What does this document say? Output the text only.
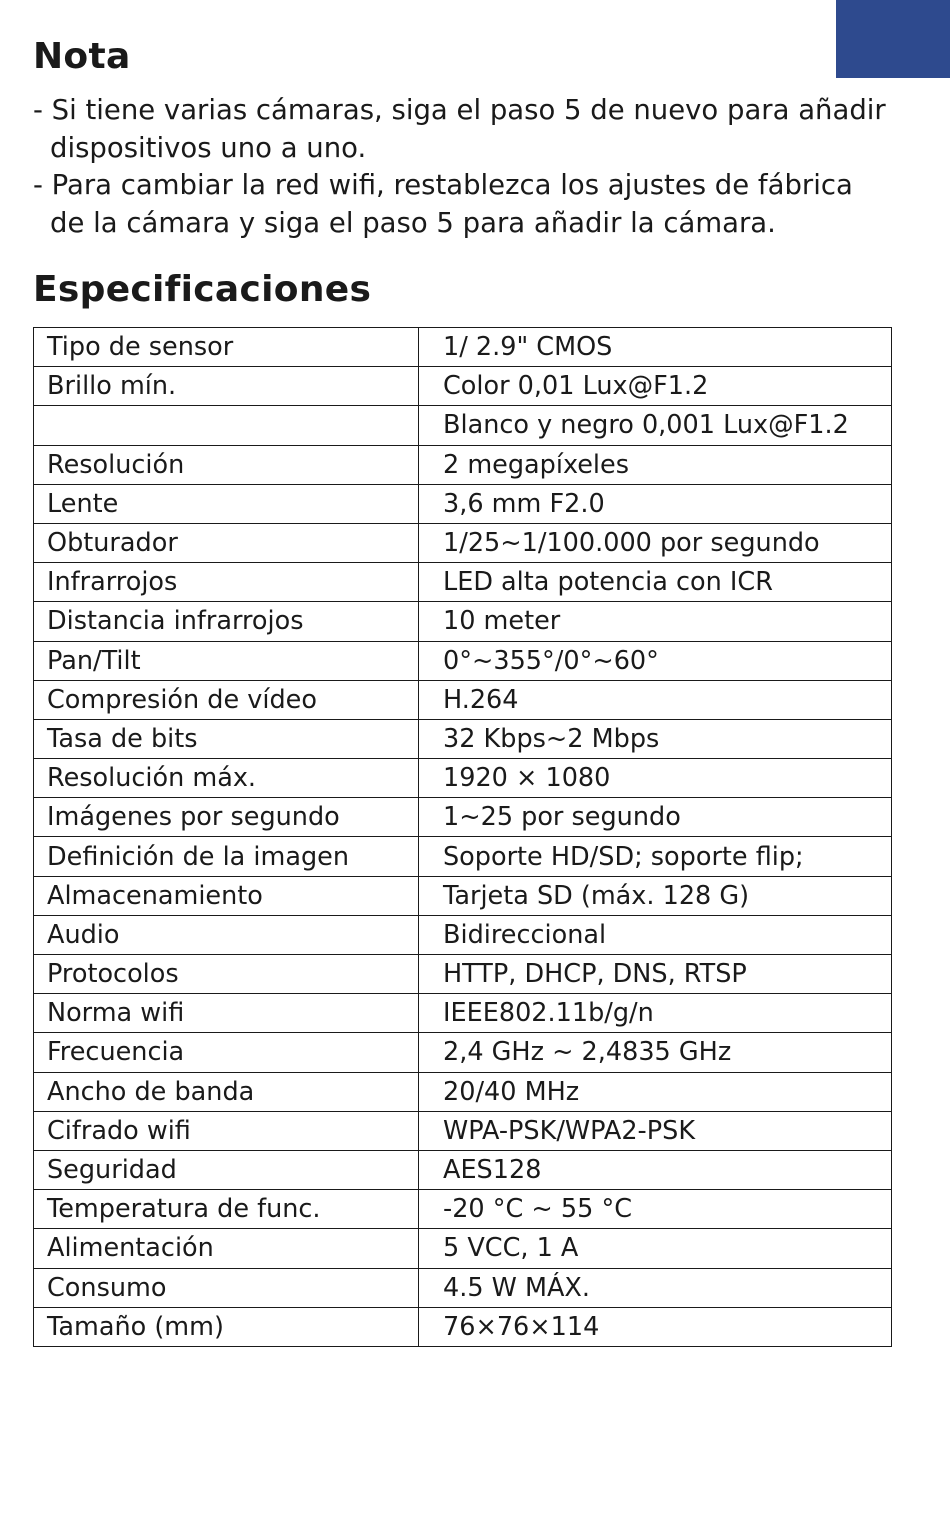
Nota
- Si tiene varias cámaras, siga el paso 5 de nuevo para añadir
dispositivos uno a uno.
- Para cambiar la red wifi, restablezca los ajustes de fábrica
de la cámara y siga el paso 5 para añadir la cámara.
Especificaciones
Tipo de sensor	1/ 2.9" CMOS
Brillo mín.	Color 0,01 Lux@F1.2
	Blanco y negro 0,001 Lux@F1.2
Resolución	2 megapíxeles
Lente	3,6 mm F2.0
Obturador	1/25~1/100.000 por segundo
Infrarrojos	LED alta potencia con ICR
Distancia infrarrojos	10 meter
Pan/Tilt	0°~355°/0°~60°
Compresión de vídeo	H.264
Tasa de bits	32 Kbps~2 Mbps
Resolución máx.	1920 × 1080
Imágenes por segundo	1~25 por segundo
Definición de la imagen	Soporte HD/SD; soporte flip;
Almacenamiento	Tarjeta SD (máx. 128 G)
Audio	Bidireccional
Protocolos	HTTP, DHCP, DNS, RTSP
Norma wifi	IEEE802.11b/g/n
Frecuencia	2,4 GHz ~ 2,4835 GHz
Ancho de banda	20/40 MHz
Cifrado wifi	WPA-PSK/WPA2-PSK
Seguridad	AES128
Temperatura de func.	-20 °C ~ 55 °C
Alimentación	5 VCC, 1 A
Consumo	4.5 W MÁX.
Tamaño (mm)	76×76×114
